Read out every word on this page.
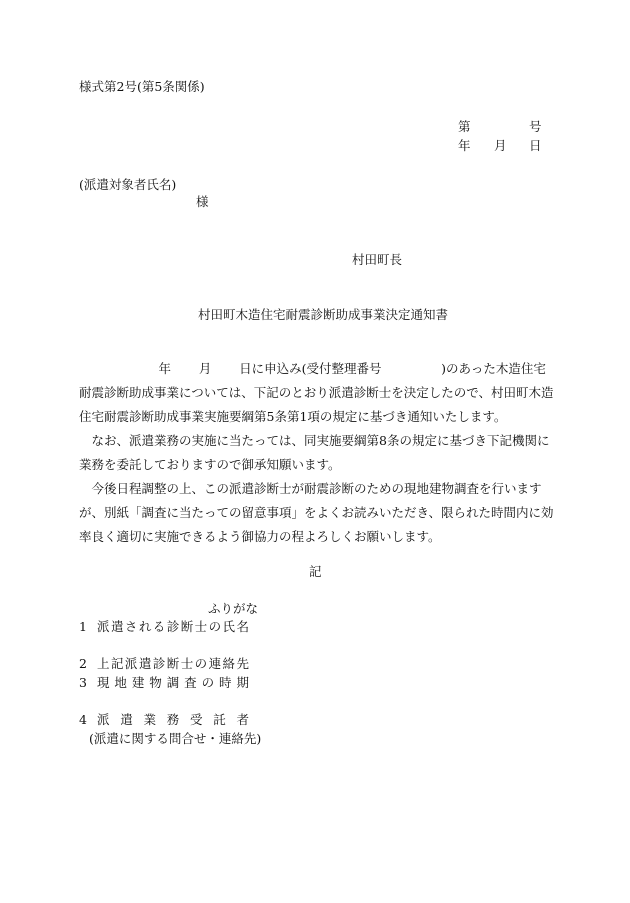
様式第2号(第5条関係)
第	号
年 月 日
(派遣対象者氏名)
様
村田町長
村田町木造住宅耐震診断助成事業決定通知書

年 月 日に申込み(受付整理番号	)のあった木造住宅耐震診断助成事業については、下記のとおり派遣診断士を決定したので、村田町木造住宅耐震診断助成事業実施要綱第5条第1項の規定に基づき通知いたします。

なお、派遣業務の実施に当たっては、同実施要綱第8条の規定に基づき下記機関に業務を委託しておりますので御承知願います。

今後日程調整の上、この派遣診断士が耐震診断のための現地建物調査を行いますが、別紙「調査に当たっての留意事項」をよくお読みいただき、限られた時間内に効率良く適切に実施できるよう御協力の程よろしくお願いします。

記
ふりがな
1 派遣される診断士の氏名
2 上記派遣診断士の連絡先
3 現地建物調査の時期
4 派遣業務受託者
(派遣に関する問合せ・連絡先)
